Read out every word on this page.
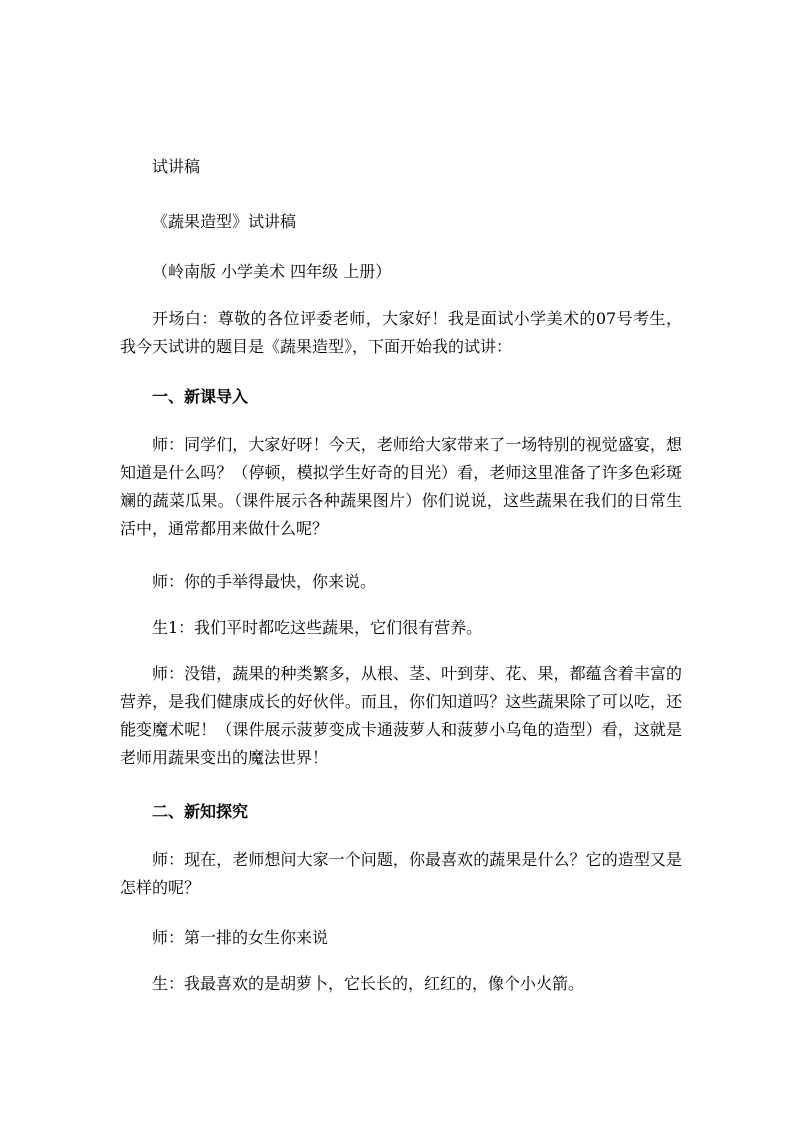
试讲稿

《蔬果造型》试讲稿

（岭南版 小学美术 四年级 上册）

开场白：尊敬的各位评委老师，大家好！我是面试小学美术的07号考生，我今天试讲的题目是《蔬果造型》，下面开始我的试讲：

一、新课导入

师：同学们，大家好呀！今天，老师给大家带来了一场特别的视觉盛宴，想知道是什么吗？（停顿，模拟学生好奇的目光）看，老师这里准备了许多色彩斑斓的蔬菜瓜果。（课件展示各种蔬果图片）你们说说，这些蔬果在我们的日常生活中，通常都用来做什么呢？

师：你的手举得最快，你来说。

生1：我们平时都吃这些蔬果，它们很有营养。

师：没错，蔬果的种类繁多，从根、茎、叶到芽、花、果，都蕴含着丰富的营养，是我们健康成长的好伙伴。而且，你们知道吗？这些蔬果除了可以吃，还能变魔术呢！（课件展示菠萝变成卡通菠萝人和菠萝小乌龟的造型）看，这就是老师用蔬果变出的魔法世界！

二、新知探究

师：现在，老师想问大家一个问题，你最喜欢的蔬果是什么？它的造型又是怎样的呢？

师：第一排的女生你来说

生：我最喜欢的是胡萝卜，它长长的，红红的，像个小火箭。
